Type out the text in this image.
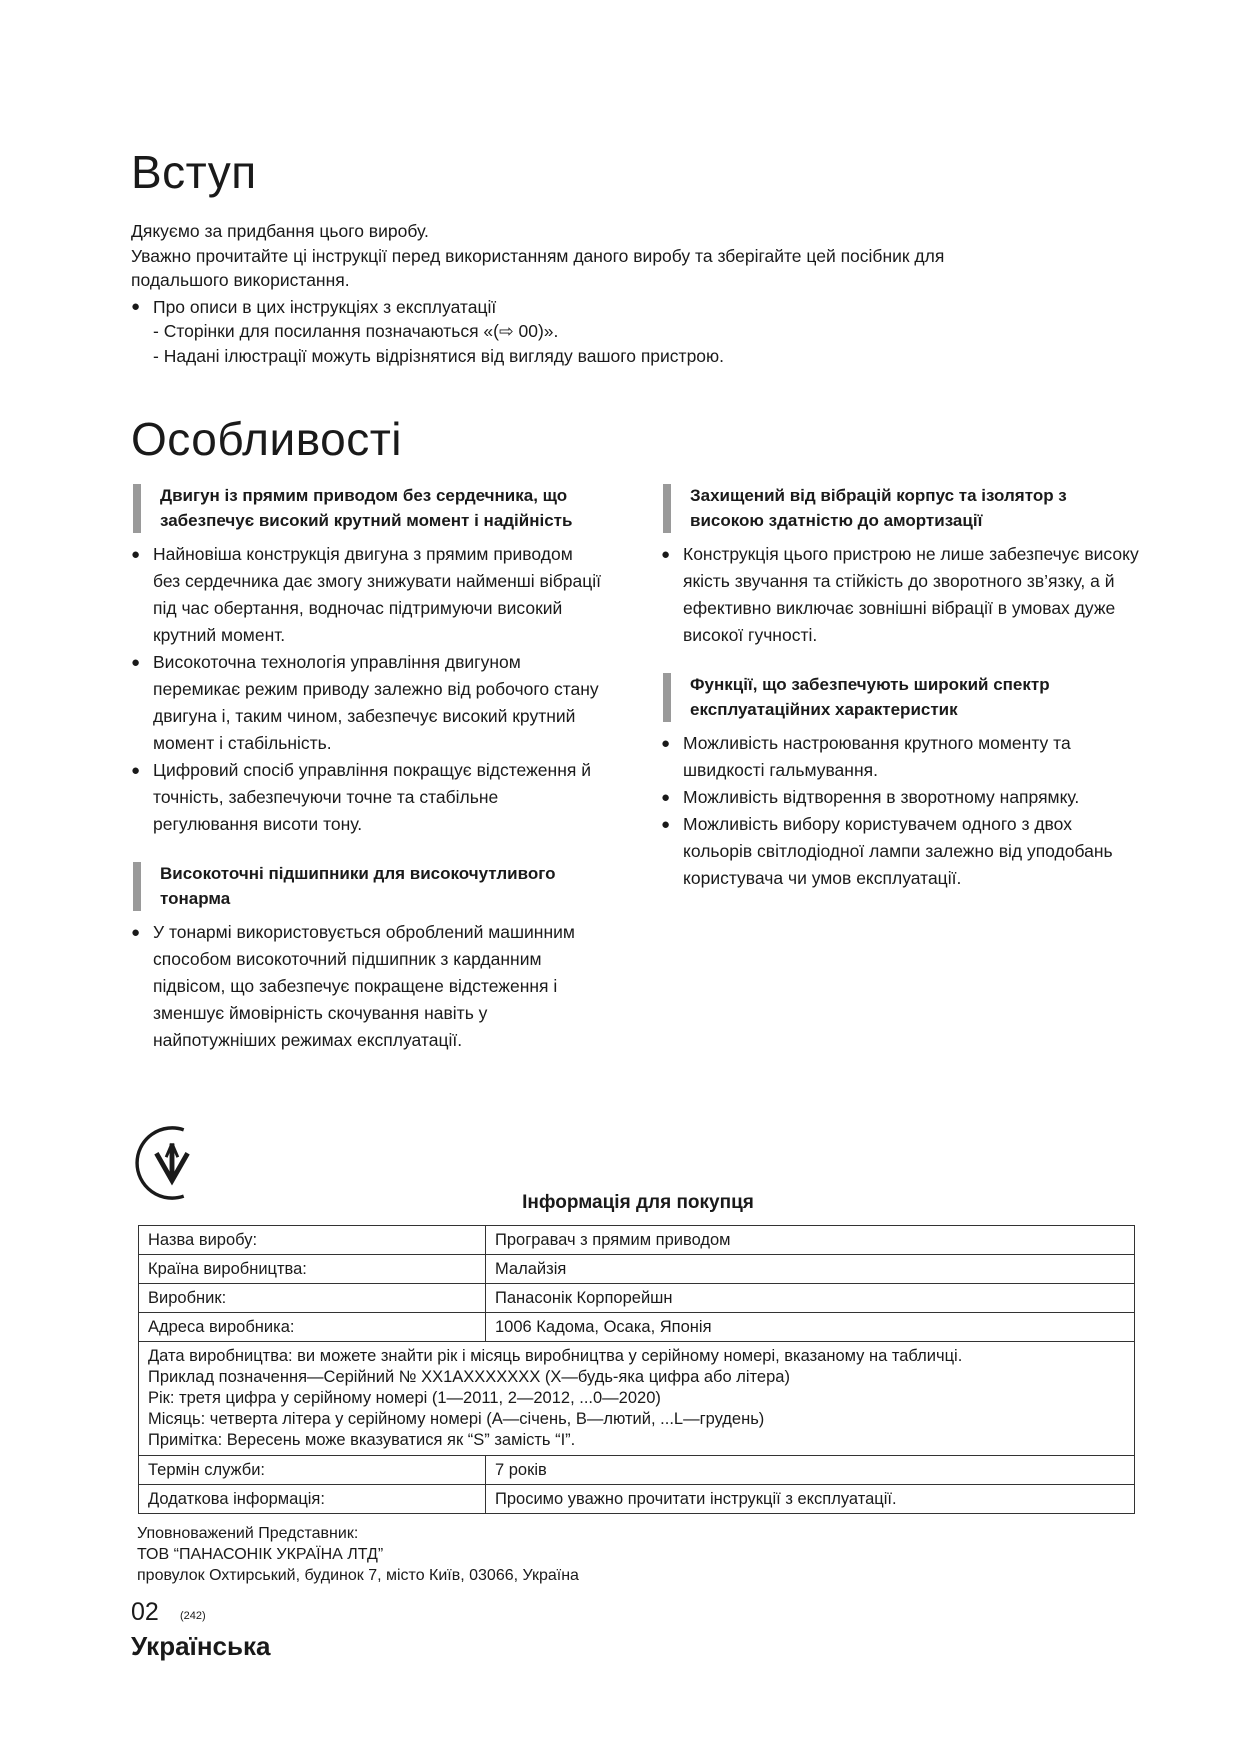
Вступ

Дякуємо за придбання цього виробу.

Уважно прочитайте ці інструкції перед використанням даного виробу та зберігайте цей посібник для

подальшого використання.

● Про описи в цих інструкціях з експлуатації

- Сторінки для посилання позначаються «(⇨ 00)».

- Надані ілюстрації можуть відрізнятися від вигляду вашого пристрою.

Особливості
Двигун із прямим приводом без сердечника, що забезпечує високий крутний момент і надійність
● Найновіша конструкція двигуна з прямим приводом без сердечника дає змогу знижувати найменші вібрації під час обертання, водночас підтримуючи високий крутний момент.
● Високоточна технологія управління двигуном перемикає режим приводу залежно від робочого стану двигуна і, таким чином, забезпечує високий крутний момент і стабільність.
● Цифровий спосіб управління покращує відстеження й точність, забезпечуючи точне та стабільне регулювання висоти тону.
Високоточні підшипники для високочутливого тонарма
● У тонармі використовується оброблений машинним способом високоточний підшипник з карданним підвісом, що забезпечує покращене відстеження і зменшує ймовірність скочування навіть у найпотужніших режимах експлуатації.
Захищений від вібрацій корпус та ізолятор з високою здатністю до амортизації
● Конструкція цього пристрою не лише забезпечує високу якість звучання та стійкість до зворотного зв’язку, а й ефективно виключає зовнішні вібрації в умовах дуже високої гучності.
Функції, що забезпечують широкий спектр експлуатаційних характеристик
● Можливість настроювання крутного моменту та швидкості гальмування.
● Можливість відтворення в зворотному напрямку.
● Можливість вибору користувачем одного з двох кольорів світлодіодної лампи залежно від уподобань користувача чи умов експлуатації.
Інформація для покупця
Назва виробу:	Програвач з прямим приводом
Країна виробництва:	Малайзія
Виробник:	Панасонік Корпорейшн
Адреса виробника:	1006 Кадома, Осака, Японія

Дата виробництва: ви можете знайти рік і місяць виробництва у серійному номері, вказаному на табличці.
Приклад позначення—Серійний № XX1AXXXXXXX (X—будь-яка цифра або літера)
Рік: третя цифра у серійному номері (1—2011, 2—2012, ...0—2020)
Місяць: четверта літера у серійному номері (A—січень, B—лютий, ...L—грудень)
Примітка: Вересень може вказуватися як “S” замість “I”.	

Термін служби:	7 років
Додаткова інформація:	Просимо уважно прочитати інструкції з експлуатації.
Уповноважений Представник:
ТОВ “ПАНАСОНІК УКРАЇНА ЛТД”
провулок Охтирський, будинок 7, місто Київ, 03066, Україна
02 (242)
Українська
